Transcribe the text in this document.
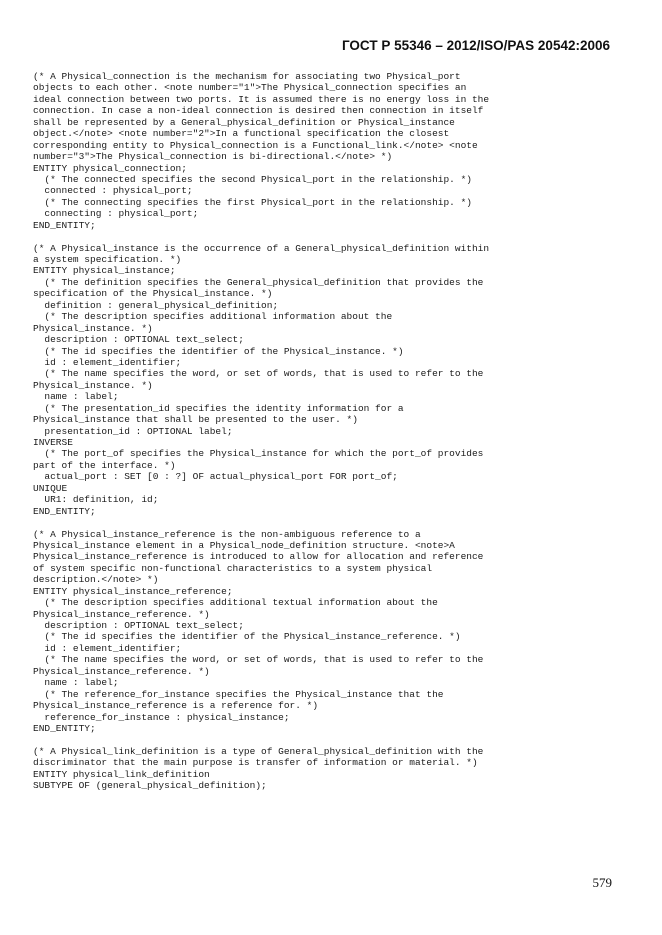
ГОСТ Р 55346 – 2012/ISO/PAS 20542:2006
(* A Physical_connection is the mechanism for associating two Physical_port
objects to each other. <note number="1">The Physical_connection specifies an
ideal connection between two ports. It is assumed there is no energy loss in the
connection. In case a non-ideal connection is desired then connection in itself
shall be represented by a General_physical_definition or Physical_instance
object.</note> <note number="2">In a functional specification the closest
corresponding entity to Physical_connection is a Functional_link.</note> <note
number="3">The Physical_connection is bi-directional.</note> *)
ENTITY physical_connection;
(* The connected specifies the second Physical_port in the relationship. *)
connected : physical_port;
(* The connecting specifies the first Physical_port in the relationship. *)
connecting : physical_port;
END_ENTITY;

(* A Physical_instance is the occurrence of a General_physical_definition within
a system specification. *)
ENTITY physical_instance;
(* The definition specifies the General_physical_definition that provides the
specification of the Physical_instance. *)
definition : general_physical_definition;
(* The description specifies additional information about the
Physical_instance. *)
description : OPTIONAL text_select;
(* The id specifies the identifier of the Physical_instance. *)
id : element_identifier;
(* The name specifies the word, or set of words, that is used to refer to the
Physical_instance. *)
name : label;
(* The presentation_id specifies the identity information for a
Physical_instance that shall be presented to the user. *)
presentation_id : OPTIONAL label;
INVERSE
(* The port_of specifies the Physical_instance for which the port_of provides
part of the interface. *)
actual_port : SET [0 : ?] OF actual_physical_port FOR port_of;
UNIQUE
UR1: definition, id;
END_ENTITY;

(* A Physical_instance_reference is the non-ambiguous reference to a
Physical_instance element in a Physical_node_definition structure. <note>A
Physical_instance_reference is introduced to allow for allocation and reference
of system specific non-functional characteristics to a system physical
description.</note> *)
ENTITY physical_instance_reference;
(* The description specifies additional textual information about the
Physical_instance_reference. *)
description : OPTIONAL text_select;
(* The id specifies the identifier of the Physical_instance_reference. *)
id : element_identifier;
(* The name specifies the word, or set of words, that is used to refer to the
Physical_instance_reference. *)
name : label;
(* The reference_for_instance specifies the Physical_instance that the
Physical_instance_reference is a reference for. *)
reference_for_instance : physical_instance;
END_ENTITY;

(* A Physical_link_definition is a type of General_physical_definition with the
discriminator that the main purpose is transfer of information or material. *)
ENTITY physical_link_definition
SUBTYPE OF (general_physical_definition);
579
